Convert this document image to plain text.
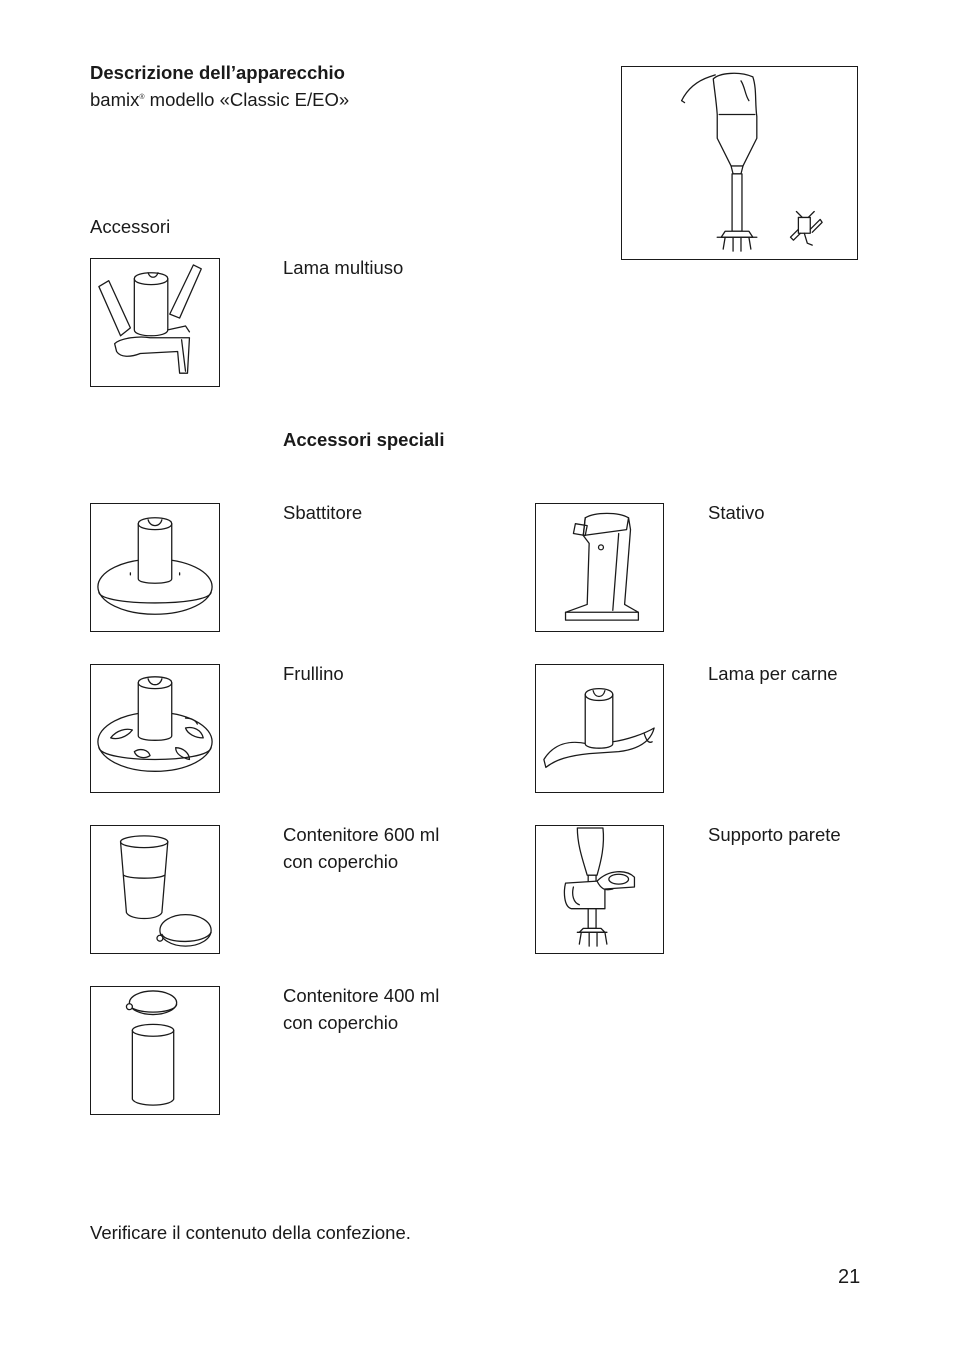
Descrizione dell’apparecchio
bamix® modello «Classic E/EO»
Accessori
Lama multiuso
Accessori speciali
Sbattitore	Stativo
Frullino	Lama per carne
Contenitore 600 ml
con coperchio
Supporto parete
Contenitore 400 ml
con coperchio
Verificare il contenuto della confezione.
21
